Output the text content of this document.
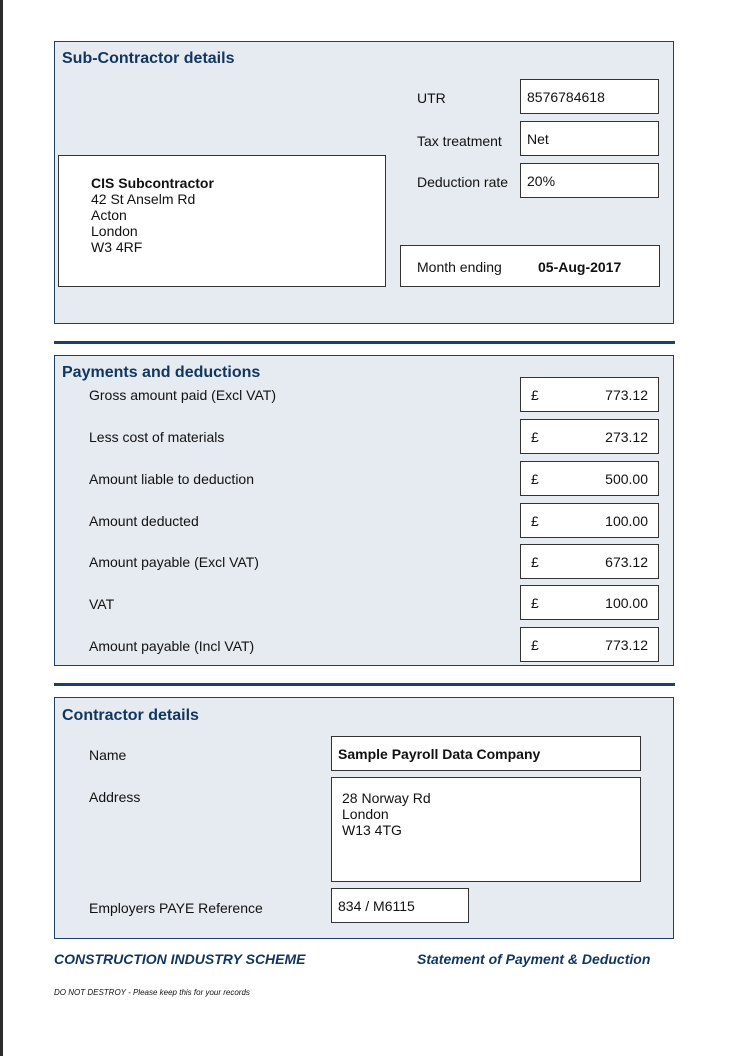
Sub-Contractor details
CIS Subcontractor
42 St Anselm Rd
Acton
London
W3 4RF
UTR	8576784618
Tax treatment	Net
Deduction rate	20%
Month ending	05-Aug-2017
Payments and deductions
Gross amount paid (Excl VAT)	£	773.12
Less cost of materials	£	273.12
Amount liable to deduction	£	500.00
Amount deducted	£	100.00
Amount payable (Excl VAT)	£	673.12
VAT	£	100.00
Amount payable (Incl VAT)	£	773.12
Contractor details
Name	Sample Payroll Data Company
Address	28 Norway Rd
London
W13 4TG
Employers PAYE Reference	834 / M6115
CONSTRUCTION INDUSTRY SCHEME	Statement of Payment & Deduction
DO NOT DESTROY - Please keep this for your records
